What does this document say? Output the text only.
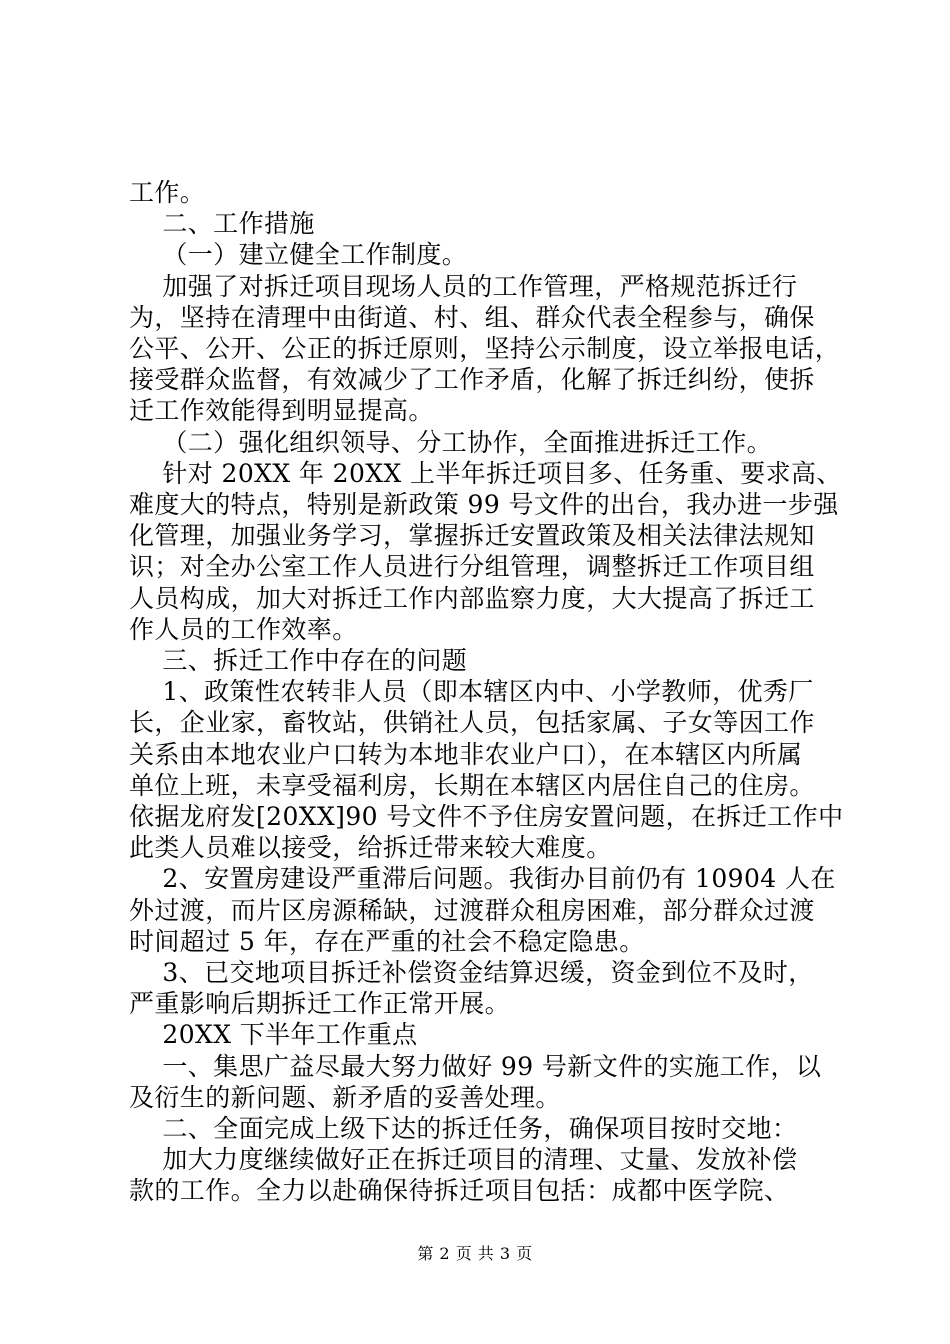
工作。
二、工作措施
（一）建立健全工作制度。
加强了对拆迁项目现场人员的工作管理，严格规范拆迁行
为，坚持在清理中由街道、村、组、群众代表全程参与，确保
公平、公开、公正的拆迁原则，坚持公示制度，设立举报电话，
接受群众监督，有效减少了工作矛盾，化解了拆迁纠纷，使拆
迁工作效能得到明显提高。
（二）强化组织领导、分工协作，全面推进拆迁工作。
针对 20XX 年 20XX 上半年拆迁项目多、任务重、要求高、
难度大的特点，特别是新政策 99 号文件的出台，我办进一步强
化管理，加强业务学习，掌握拆迁安置政策及相关法律法规知
识；对全办公室工作人员进行分组管理，调整拆迁工作项目组
人员构成，加大对拆迁工作内部监察力度，大大提高了拆迁工
作人员的工作效率。
三、拆迁工作中存在的问题
1、政策性农转非人员（即本辖区内中、小学教师，优秀厂
长，企业家，畜牧站，供销社人员，包括家属、子女等因工作
关系由本地农业户口转为本地非农业户口），在本辖区内所属
单位上班，未享受福利房，长期在本辖区内居住自己的住房。
依据龙府发[20XX]90 号文件不予住房安置问题，在拆迁工作中
此类人员难以接受，给拆迁带来较大难度。
2、安置房建设严重滞后问题。我街办目前仍有 10904 人在
外过渡，而片区房源稀缺，过渡群众租房困难，部分群众过渡
时间超过 5 年，存在严重的社会不稳定隐患。
3、已交地项目拆迁补偿资金结算迟缓，资金到位不及时，
严重影响后期拆迁工作正常开展。
20XX 下半年工作重点
一、集思广益尽最大努力做好 99 号新文件的实施工作，以
及衍生的新问题、新矛盾的妥善处理。
二、全面完成上级下达的拆迁任务，确保项目按时交地：
加大力度继续做好正在拆迁项目的清理、丈量、发放补偿
款的工作。全力以赴确保待拆迁项目包括：成都中医学院、
第 2 页 共 3 页
